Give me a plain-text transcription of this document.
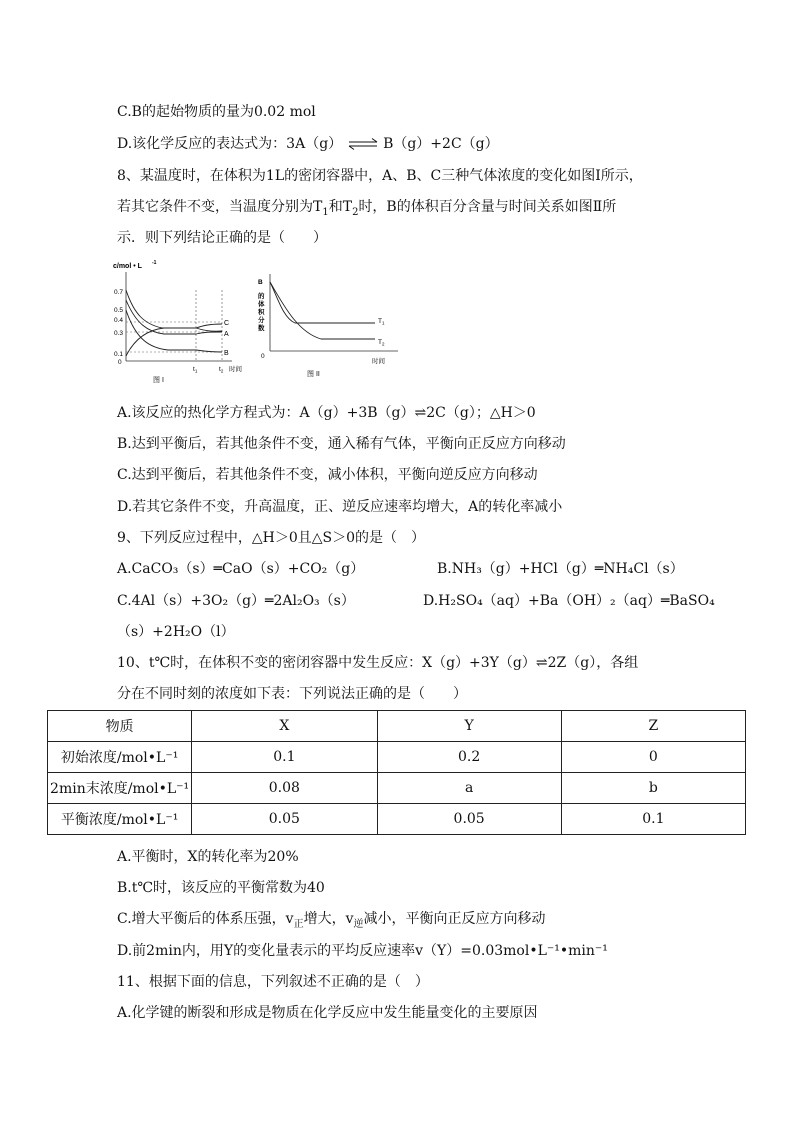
C.B的起始物质的量为0.02 mol
D.该化学反应的表达式为：3A（g） ⇌ B（g）+2C（g）
8、某温度时，在体积为1L的密闭容器中，A、B、C三种气体浓度的变化如图I所示，
若其它条件不变，当温度分别为$T_1$和$T_2$时，B的体积百分含量与时间关系如图Ⅱ所
示．则下列结论正确的是（　　）
c/mol • L -1
0.7
0.5
0.4
0.3
0.1
0
C
A
B
$t_1$	$t_2$ 时间
图 I
B
的
体
积
分
数
0
$T_1$
$T_2$
时间
图 II
A.该反应的热化学方程式为：A（g）+3B（g）⇌2C（g）；△H＞0
B.达到平衡后，若其他条件不变，通入稀有气体，平衡向正反应方向移动
C.达到平衡后，若其他条件不变，减小体积，平衡向逆反应方向移动
D.若其它条件不变，升高温度，正、逆反应速率均增大，A的转化率减小
9、下列反应过程中，△H＞0且△S＞0的是（　）
A.CaCO₃（s）═CaO（s）+CO₂（g）	B.NH₃（g）+HCl（g）═NH₄Cl（s）
C.4Al（s）+3O₂（g）═2Al₂O₃（s）	D.H₂SO₄（aq）+Ba（OH）₂（aq）═BaSO₄
（s）+2H₂O（l）
10、t℃时，在体积不变的密闭容器中发生反应：X（g）+3Y（g）⇌2Z（g），各组
分在不同时刻的浓度如下表：下列说法正确的是（　　）
物质	X	Y	Z
初始浓度/mol•L⁻¹	0.1	0.2	0
2min末浓度/mol•L⁻¹	0.08	a	b
平衡浓度/mol•L⁻¹	0.05	0.05	0.1
A.平衡时，X的转化率为20%
B.t℃时，该反应的平衡常数为40
C.增大平衡后的体系压强，$v_正$增大，$v_逆$减小，平衡向正反应方向移动
D.前2min内，用Y的变化量表示的平均反应速率v（Y）=0.03mol•L⁻¹•min⁻¹
11、根据下面的信息，下列叙述不正确的是（　）
A.化学键的断裂和形成是物质在化学反应中发生能量变化的主要原因
